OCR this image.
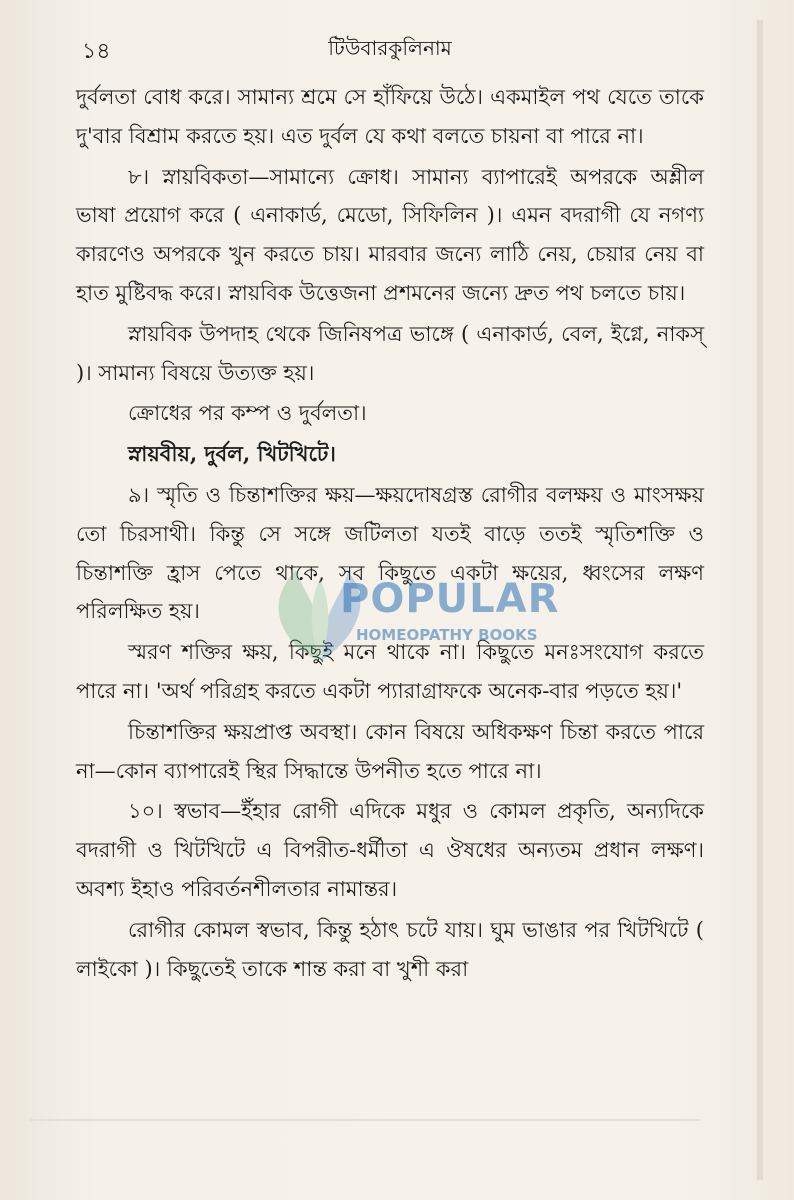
১৪	টিউবারকুলিনাম

দুর্বলতা বোধ করে। সামান্য শ্রমে সে হাঁফিয়ে উঠে। একমাইল পথ যেতে তাকে দু'বার বিশ্রাম করতে হয়। এত দুর্বল যে কথা বলতে চায়না বা পারে না।

৮। স্নায়বিকতা—সামান্যে ক্রোধ। সামান্য ব্যাপারেই অপরকে অশ্লীল ভাষা প্রয়োগ করে ( এনাকার্ড, মেডো, সিফিলিন )। এমন বদরাগী যে নগণ্য কারণেও অপরকে খুন করতে চায়। মারবার জন্যে লাঠি নেয়, চেয়ার নেয় বা হাত মুষ্টিবদ্ধ করে। স্নায়বিক উত্তেজনা প্রশমনের জন্যে দ্রুত পথ চলতে চায়।

স্নায়বিক উপদাহ থেকে জিনিষপত্র ভাঙ্গে ( এনাকার্ড, বেল, ইগ্নে, নাকস্ )। সামান্য বিষয়ে উত্যক্ত হয়।

ক্রোধের পর কম্প ও দুর্বলতা।

স্নায়বীয়, দুর্বল, খিটখিটে।

৯। স্মৃতি ও চিন্তাশক্তির ক্ষয়—ক্ষয়দোষগ্রস্ত রোগীর বলক্ষয় ও মাংসক্ষয় তো চিরসাথী। কিন্তু সে সঙ্গে জটিলতা যতই বাড়ে ততই স্মৃতিশক্তি ও চিন্তাশক্তি হ্রাস পেতে থাকে, সব কিছুতে একটা ক্ষয়ের, ধ্বংসের লক্ষণ পরিলক্ষিত হয়।

স্মরণ শক্তির ক্ষয়, কিছুই মনে থাকে না। কিছুতে মনঃসংযোগ করতে পারে না। 'অর্থ পরিগ্রহ করতে একটা প্যারাগ্রাফকে অনেক-বার পড়তে হয়।'

চিন্তাশক্তির ক্ষয়প্রাপ্ত অবস্থা। কোন বিষয়ে অধিকক্ষণ চিন্তা করতে পারে না—কোন ব্যাপারেই স্থির সিদ্ধান্তে উপনীত হতে পারে না।

১০। স্বভাব—ইঁহার রোগী এদিকে মধুর ও কোমল প্রকৃতি, অন্যদিকে বদরাগী ও খিটখিটে এ বিপরীত-ধর্মীতা এ ঔষধের অন্যতম প্রধান লক্ষণ। অবশ্য ইহাও পরিবর্তনশীলতার নামান্তর।

রোগীর কোমল স্বভাব, কিন্তু হঠাৎ চটে যায়। ঘুম ভাঙার পর খিটখিটে ( লাইকো )। কিছুতেই তাকে শান্ত করা বা খুশী করা

POPULAR
HOMEOPATHY BOOKS
